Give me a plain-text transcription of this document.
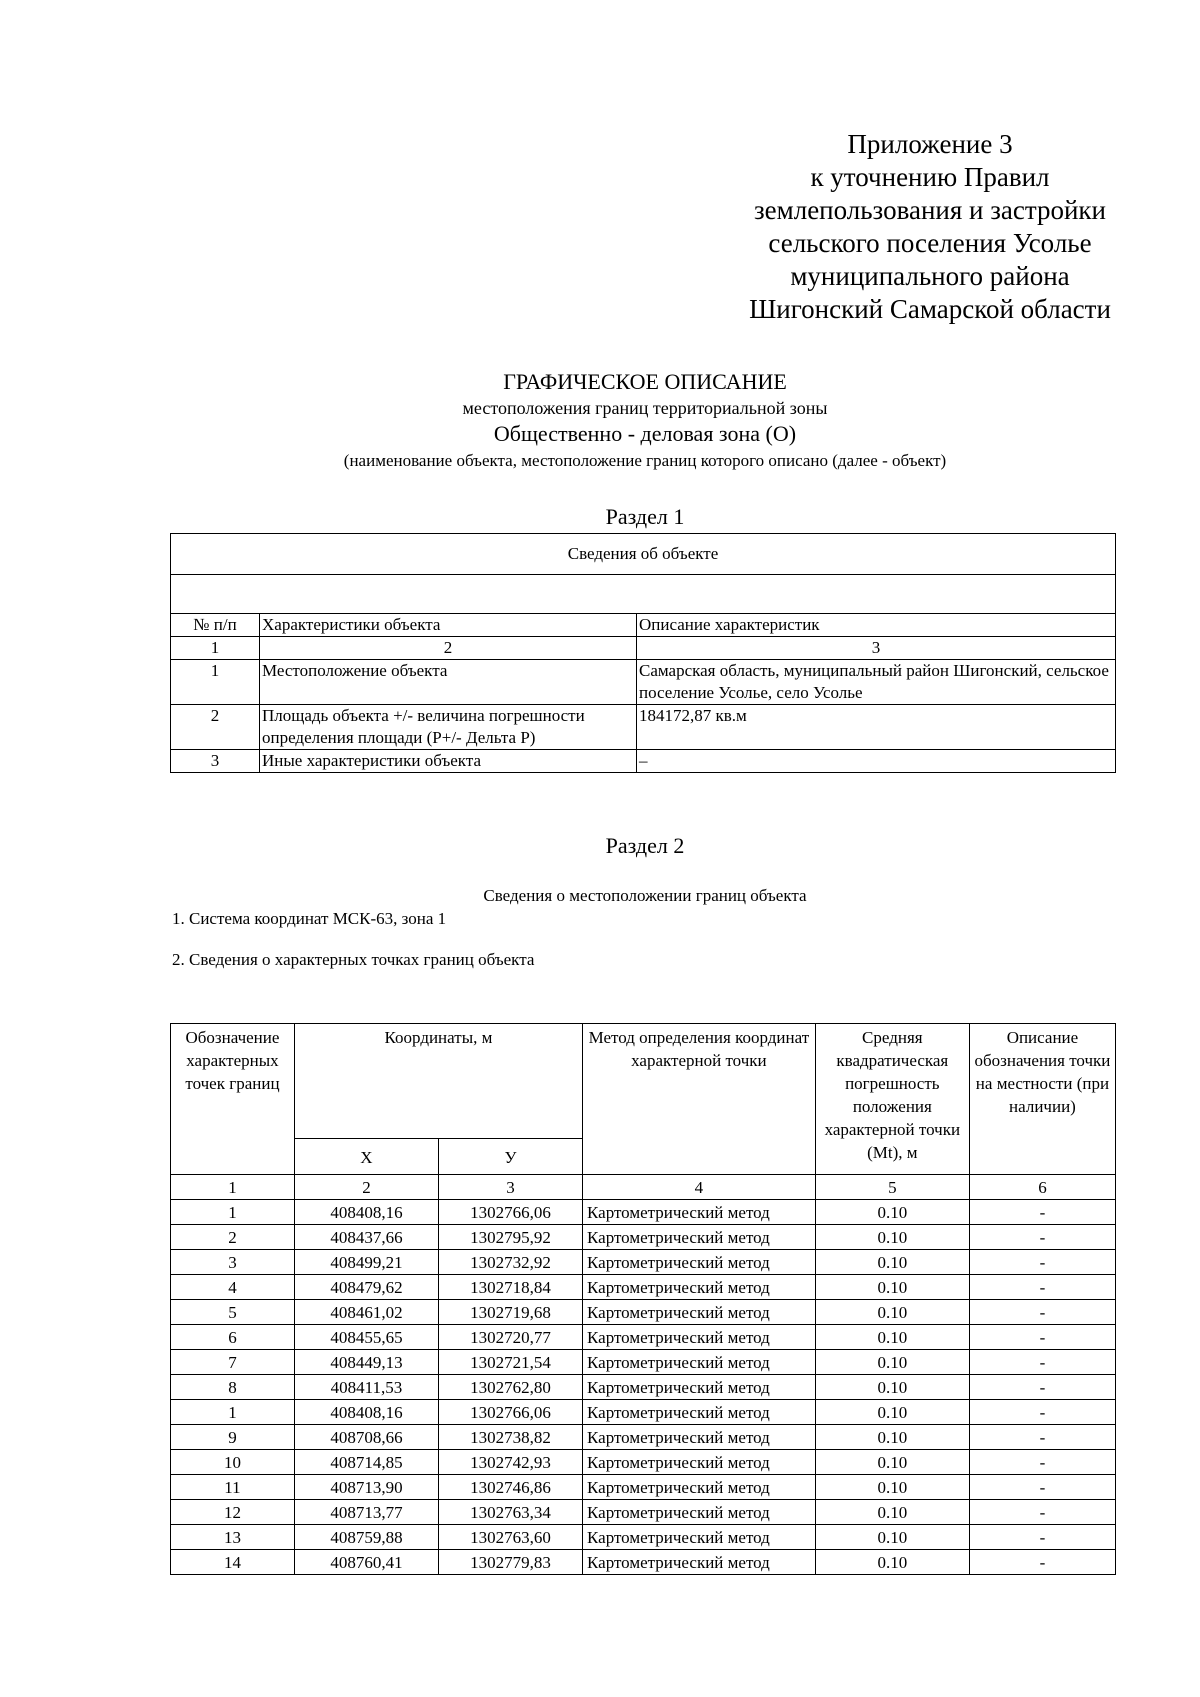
Приложение 3
к уточнению Правил
землепользования и застройки
сельского поселения Усолье
муниципального района
Шигонский Самарской области
ГРАФИЧЕСКОЕ ОПИСАНИЕ
местоположения границ территориальной зоны
Общественно - деловая зона (О)
(наименование объекта, местоположение границ которого описано (далее - объект)
Раздел 1
Сведения об объекте		

№ п/п	Характеристики объекта	Описание характеристик
1	2	3
1	Местоположение объекта	Самарская область, муниципальный район Шигонский, сельское поселение Усолье, село Усолье
2	Площадь объекта +/- величина погрешности определения площади (P+/- Дельта P)	184172,87 кв.м
3	Иные характеристики объекта	–
Раздел 2
Сведения о местоположении границ объекта
1. Система координат МСК-63, зона 1
2. Сведения о характерных точках границ объекта
Обозначение характерных точек границ	Координаты, м		Метод определения координат характерной точки	Средняя квадратическая погрешность положения характерной точки (Mt), м	Описание обозначения точки на местности (при наличии)
	X	У			
1	2	3	4	5	6
1	408408,16	1302766,06	Картометрический метод	0.10	-
2	408437,66	1302795,92	Картометрический метод	0.10	-
3	408499,21	1302732,92	Картометрический метод	0.10	-
4	408479,62	1302718,84	Картометрический метод	0.10	-
5	408461,02	1302719,68	Картометрический метод	0.10	-
6	408455,65	1302720,77	Картометрический метод	0.10	-
7	408449,13	1302721,54	Картометрический метод	0.10	-
8	408411,53	1302762,80	Картометрический метод	0.10	-
1	408408,16	1302766,06	Картометрический метод	0.10	-
9	408708,66	1302738,82	Картометрический метод	0.10	-
10	408714,85	1302742,93	Картометрический метод	0.10	-
11	408713,90	1302746,86	Картометрический метод	0.10	-
12	408713,77	1302763,34	Картометрический метод	0.10	-
13	408759,88	1302763,60	Картометрический метод	0.10	-
14	408760,41	1302779,83	Картометрический метод	0.10	-
